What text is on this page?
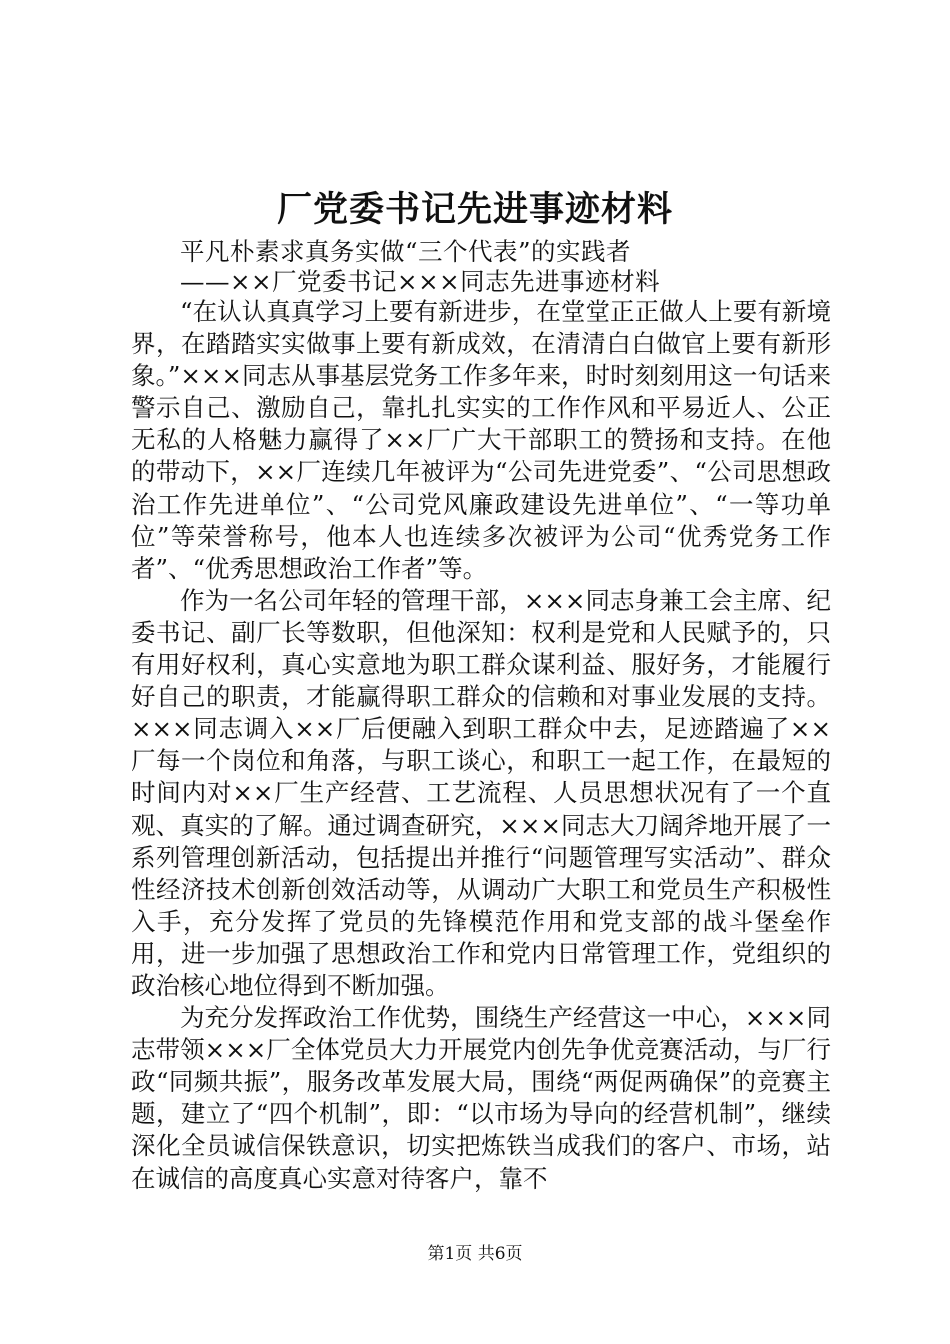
厂党委书记先进事迹材料
平凡朴素求真务实做“三个代表”的实践者
——××厂党委书记×××同志先进事迹材料

“在认认真真学习上要有新进步，在堂堂正正做人上要有新境界，在踏踏实实做事上要有新成效，在清清白白做官上要有新形象。”×××同志从事基层党务工作多年来，时时刻刻用这一句话来警示自己、激励自己，靠扎扎实实的工作作风和平易近人、公正无私的人格魅力赢得了××厂广大干部职工的赞扬和支持。在他的带动下，××厂连续几年被评为“公司先进党委”、“公司思想政治工作先进单位”、“公司党风廉政建设先进单位”、“一等功单位”等荣誉称号，他本人也连续多次被评为公司“优秀党务工作者”、“优秀思想政治工作者”等。

作为一名公司年轻的管理干部，×××同志身兼工会主席、纪委书记、副厂长等数职，但他深知：权利是党和人民赋予的，只有用好权利，真心实意地为职工群众谋利益、服好务，才能履行好自己的职责，才能赢得职工群众的信赖和对事业发展的支持。×××同志调入××厂后便融入到职工群众中去，足迹踏遍了××厂每一个岗位和角落，与职工谈心，和职工一起工作，在最短的时间内对××厂生产经营、工艺流程、人员思想状况有了一个直观、真实的了解。通过调查研究，×××同志大刀阔斧地开展了一系列管理创新活动，包括提出并推行“问题管理写实活动”、群众性经济技术创新创效活动等，从调动广大职工和党员生产积极性入手，充分发挥了党员的先锋模范作用和党支部的战斗堡垒作用，进一步加强了思想政治工作和党内日常管理工作，党组织的政治核心地位得到不断加强。

为充分发挥政治工作优势，围绕生产经营这一中心，×××同志带领×××厂全体党员大力开展党内创先争优竞赛活动，与厂行政“同频共振”，服务改革发展大局，围绕“两促两确保”的竞赛主题，建立了“四个机制”，即：“以市场为导向的经营机制”，继续深化全员诚信保铁意识，切实把炼铁当成我们的客户、市场，站在诚信的高度真心实意对待客户，靠不

第1页 共6页
